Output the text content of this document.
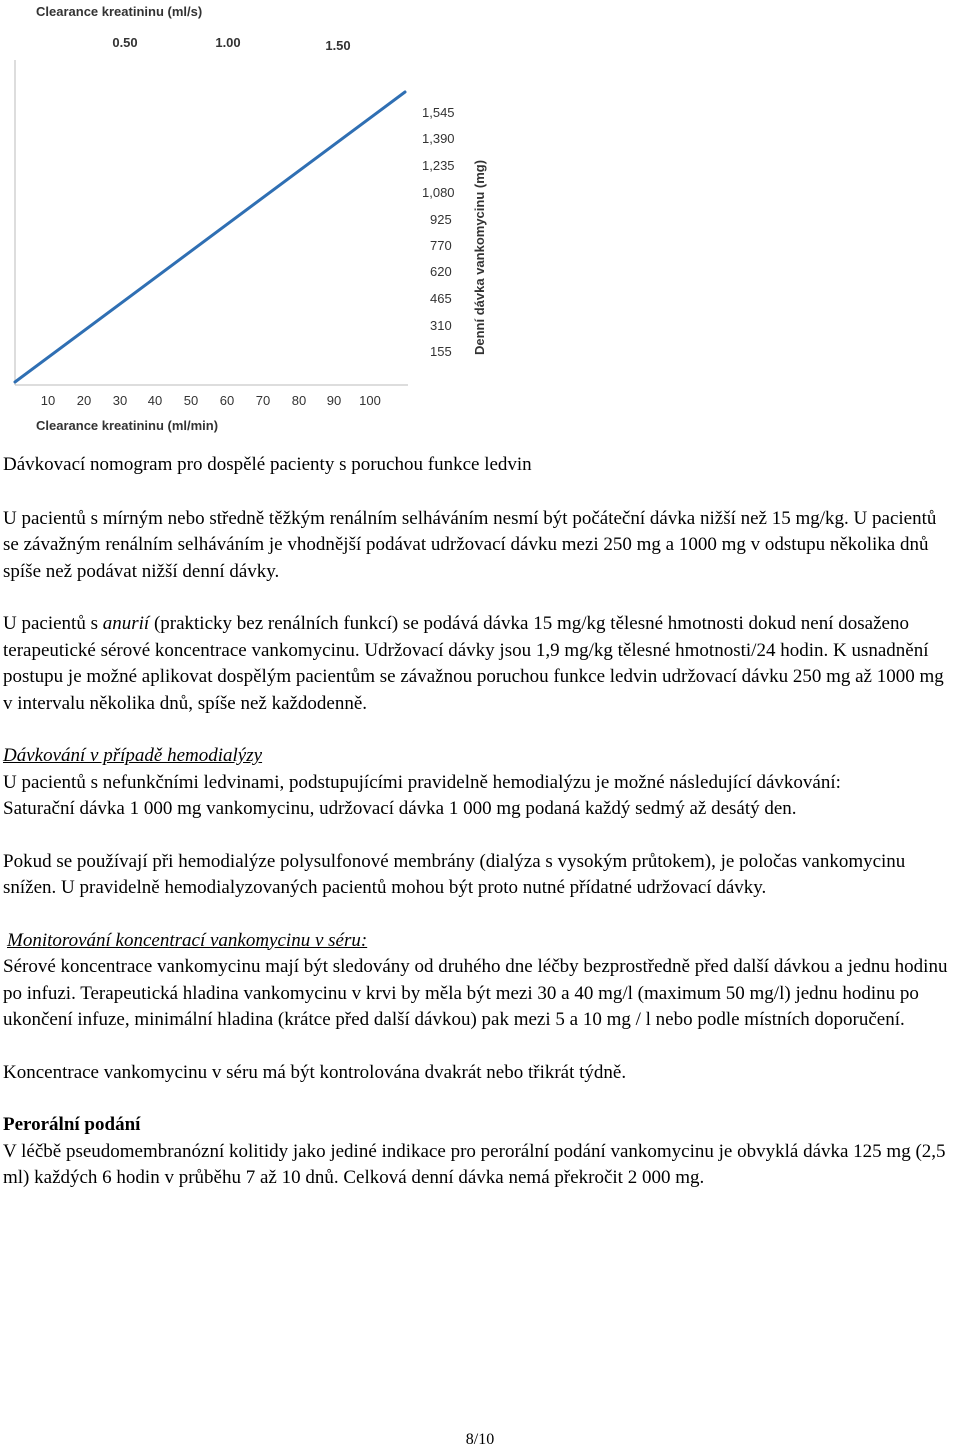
Clearance kreatininu (ml/s)
0.50	1.00	1.50
1,545
1,390
1,235
1,080
925
770
620
465
310
155 Denní dávka vankomycinu (mg)
10 20 30 40 50 60 70 80 90 100
Clearance kreatininu (ml/min)

Dávkovací nomogram pro dospělé pacienty s poruchou funkce ledvin

U pacientů s mírným nebo středně těžkým renálním selháváním nesmí být počáteční dávka nižší než 15 mg/kg. U pacientů se závažným renálním selháváním je vhodnější podávat udržovací dávku mezi 250 mg a 1000 mg v odstupu několika dnů spíše než podávat nižší denní dávky.

U pacientů s anurií (prakticky bez renálních funkcí) se podává dávka 15 mg/kg tělesné hmotnosti dokud není dosaženo terapeutické sérové koncentrace vankomycinu. Udržovací dávky jsou 1,9 mg/kg tělesné hmotnosti/24 hodin. K usnadnění postupu je možné aplikovat dospělým pacientům se závažnou poruchou funkce ledvin udržovací dávku 250 mg až 1000 mg v intervalu několika dnů, spíše než každodenně.

Dávkování v případě hemodialýzy
U pacientů s nefunkčními ledvinami, podstupujícími pravidelně hemodialýzu je možné následující dávkování:
Saturační dávka 1 000 mg vankomycinu, udržovací dávka 1 000 mg podaná každý sedmý až desátý den.

Pokud se používají při hemodialýze polysulfonové membrány (dialýza s vysokým průtokem), je poločas vankomycinu snížen. U pravidelně hemodialyzovaných pacientů mohou být proto nutné přídatné udržovací dávky.

Monitorování koncentrací vankomycinu v séru:
Sérové koncentrace vankomycinu mají být sledovány od druhého dne léčby bezprostředně před další dávkou a jednu hodinu po infuzi. Terapeutická hladina vankomycinu v krvi by měla být mezi 30 a 40 mg/l (maximum 50 mg/l) jednu hodinu po ukončení infuze, minimální hladina (krátce před další dávkou) pak mezi 5 a 10 mg / l nebo podle místních doporučení.

Koncentrace vankomycinu v séru má být kontrolována dvakrát nebo třikrát týdně.

Perorální podání
V léčbě pseudomembranózní kolitidy jako jediné indikace pro perorální podání vankomycinu je obvyklá dávka 125 mg (2,5 ml) každých 6 hodin v průběhu 7 až 10 dnů. Celková denní dávka nemá překročit 2 000 mg.

8/10
